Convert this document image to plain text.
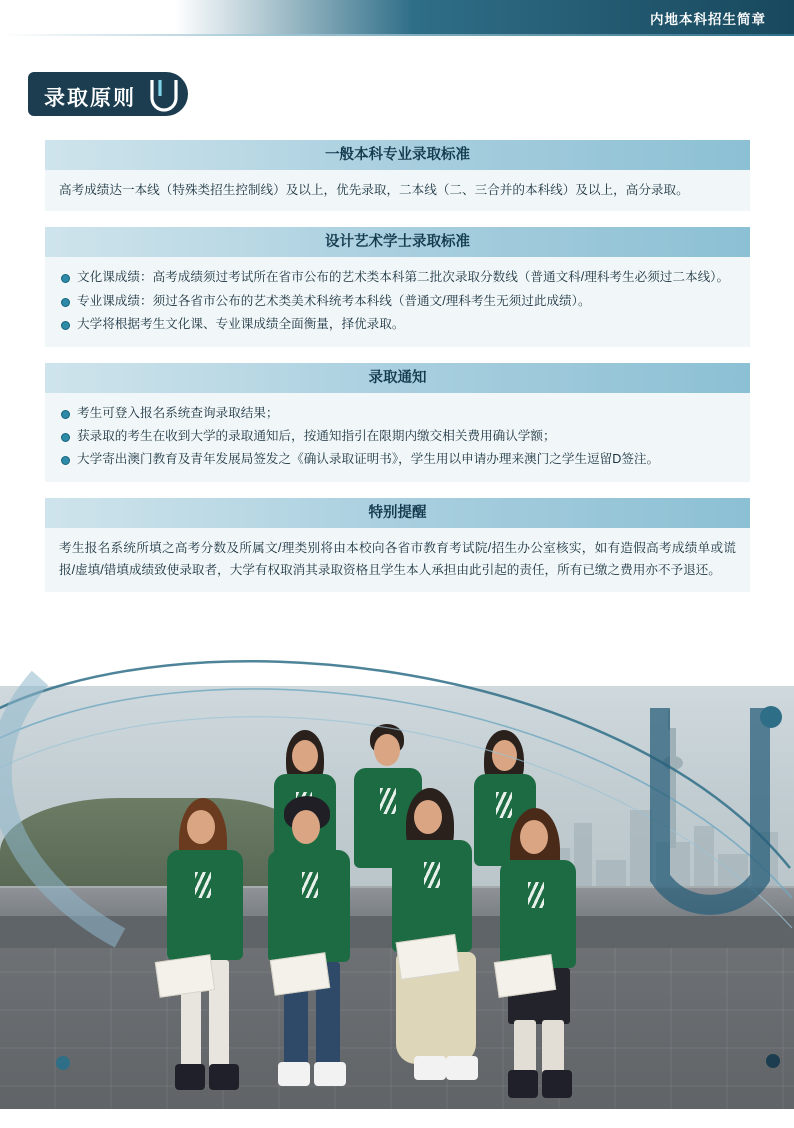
内地本科招生简章
录取原则
一般本科专业录取标准

高考成绩达一本线（特殊类招生控制线）及以上，优先录取，二本线（二、三合并的本科线）及以上，高分录取。

设计艺术学士录取标准
文化课成绩：高考成绩须过考试所在省市公布的艺术类本科第二批次录取分数线（普通文科/理科考生必须过二本线）。
专业课成绩：须过各省市公布的艺术类美术科统考本科线（普通文/理科考生无须过此成绩）。
大学将根据考生文化课、专业课成绩全面衡量，择优录取。
录取通知
考生可登入报名系统查询录取结果；
获录取的考生在收到大学的录取通知后，按通知指引在限期内缴交相关费用确认学额；
大学寄出澳门教育及青年发展局签发之《确认录取证明书》，学生用以申请办理来澳门之学生逗留D签注。
特别提醒

考生报名系统所填之高考分数及所属文/理类别将由本校向各省市教育考试院/招生办公室核实，如有造假高考成绩单或谎报/虚填/错填成绩致使录取者，大学有权取消其录取资格且学生本人承担由此引起的责任，所有已缴之费用亦不予退还。
